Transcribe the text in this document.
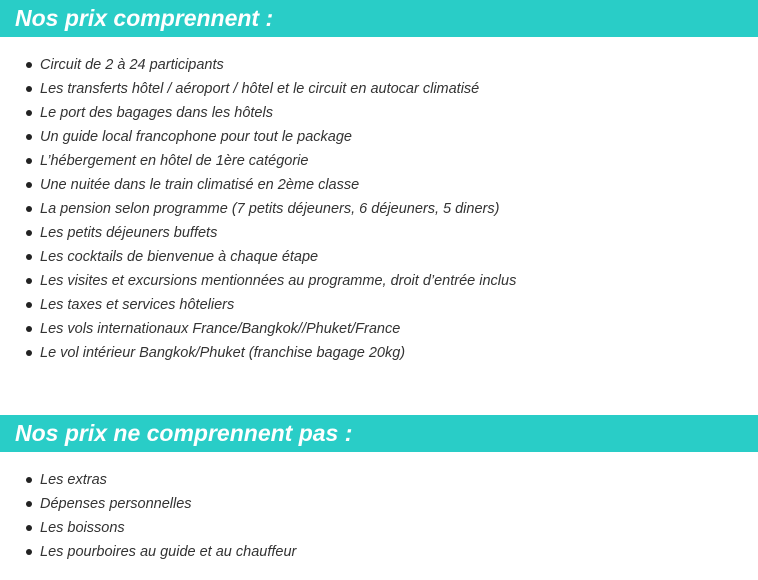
Nos prix comprennent :
Circuit de 2 à 24 participants
Les transferts hôtel / aéroport / hôtel et le circuit en autocar climatisé
Le port des bagages dans les hôtels
Un guide local francophone pour tout le package
L’hébergement en hôtel de 1ère catégorie
Une nuitée dans le train climatisé en 2ème classe
La pension selon programme (7 petits déjeuners, 6 déjeuners, 5 diners)
Les petits déjeuners buffets
Les cocktails de bienvenue à chaque étape
Les visites et excursions mentionnées au programme, droit d’entrée inclus
Les taxes et services hôteliers
Les vols internationaux France/Bangkok//Phuket/France
Le vol intérieur Bangkok/Phuket (franchise bagage 20kg)
Nos prix ne comprennent pas :
Les extras
Dépenses personnelles
Les boissons
Les pourboires au guide et au chauffeur
